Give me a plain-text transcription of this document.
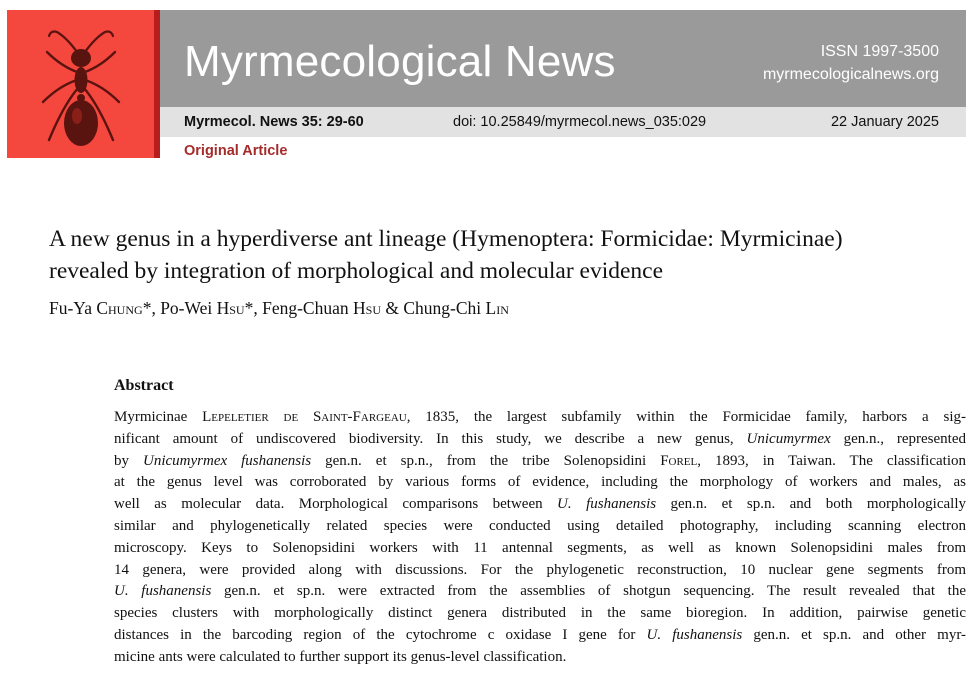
Myrmecological News	ISSN 1997-3500
myrmecologicalnews.org
Myrmecol. News 35: 29-60	doi: 10.25849/myrmecol.news_035:029	22 January 2025
Original Article
A new genus in a hyperdiverse ant lineage (Hymenoptera: Formicidae: Myrmicinae)
revealed by integration of morphological and molecular evidence
Fu-Ya Chung*, Po-Wei Hsu*, Feng-Chuan Hsu & Chung-Chi Lin
Abstract
Myrmicinae Lepeletier de Saint-Fargeau, 1835, the largest subfamily within the Formicidae family, harbors a sig-
nificant amount of undiscovered biodiversity. In this study, we describe a new genus, Unicumyrmex gen.n., represented
by Unicumyrmex fushanensis gen.n. et sp.n., from the tribe Solenopsidini Forel, 1893, in Taiwan. The classification
at the genus level was corroborated by various forms of evidence, including the morphology of workers and males, as
well as molecular data. Morphological comparisons between U. fushanensis gen.n. et sp.n. and both morphologically
similar and phylogenetically related species were conducted using detailed photography, including scanning electron
microscopy. Keys to Solenopsidini workers with 11 antennal segments, as well as known Solenopsidini males from
14 genera, were provided along with discussions. For the phylogenetic reconstruction, 10 nuclear gene segments from
U. fushanensis gen.n. et sp.n. were extracted from the assemblies of shotgun sequencing. The result revealed that the
species clusters with morphologically distinct genera distributed in the same bioregion. In addition, pairwise genetic
distances in the barcoding region of the cytochrome c oxidase I gene for U. fushanensis gen.n. et sp.n. and other myr-
micine ants were calculated to further support its genus-level classification.
